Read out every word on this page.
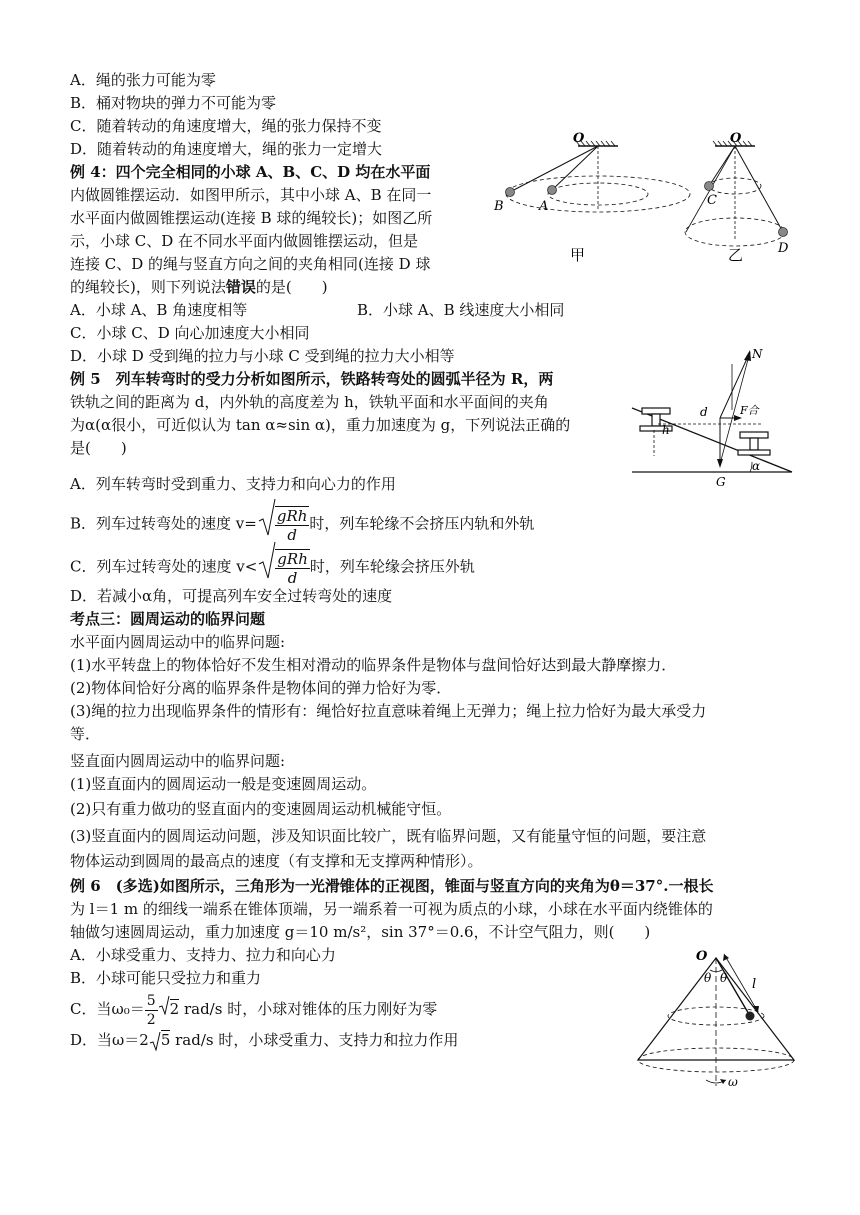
A．绳的张力可能为零
B．桶对物块的弹力不可能为零
C．随着转动的角速度增大，绳的张力保持不变
D．随着转动的角速度增大，绳的张力一定增大
例 4：四个完全相同的小球 A、B、C、D 均在水平面
内做圆锥摆运动．如图甲所示，其中小球 A、B 在同一
水平面内做圆锥摆运动(连接 B 球的绳较长)；如图乙所
示，小球 C、D 在不同水平面内做圆锥摆运动，但是
连接 C、D 的绳与竖直方向之间的夹角相同(连接 D 球
的绳较长)，则下列说法错误的是(　　)
A．小球 A、B 角速度相等	B．小球 A、B 线速度大小相同
C．小球 C、D 向心加速度大小相同
D．小球 D 受到绳的拉力与小球 C 受到绳的拉力大小相等
O
B	A
甲
O
C
D
乙
例 5　列车转弯时的受力分析如图所示，铁路转弯处的圆弧半径为 R，两
铁轨之间的距离为 d，内外轨的高度差为 h，铁轨平面和水平面间的夹角
为α(α很小，可近似认为 tan α≈sin α)，重力加速度为 g，下列说法正确的
是(　　)
α
h
d
N
F合
G
A．列车转弯时受到重力、支持力和向心力的作用
B．列车过转弯处的速度 $v= \frac{\text{gRh}}{d}$ 时，列车轮缘不会挤压内轨和外轨
C．列车过转弯处的速度 $v< \frac{\text{gRh}}{d}$ 时，列车轮缘会挤压外轨
D．若减小α角，可提高列车安全过转弯处的速度
考点三：圆周运动的临界问题
水平面内圆周运动中的临界问题:
(1)水平转盘上的物体恰好不发生相对滑动的临界条件是物体与盘间恰好达到最大静摩擦力．
(2)物体间恰好分离的临界条件是物体间的弹力恰好为零．
(3)绳的拉力出现临界条件的情形有：绳恰好拉直意味着绳上无弹力；绳上拉力恰好为最大承受力
等．
竖直面内圆周运动中的临界问题:
(1)竖直面内的圆周运动一般是变速圆周运动。
(2)只有重力做功的竖直面内的变速圆周运动机械能守恒。
(3)竖直面内的圆周运动问题，涉及知识面比较广，既有临界问题，又有能量守恒的问题，要注意
物体运动到圆周的最高点的速度（有支撑和无支撑两种情形）。
例 6　(多选)如图所示，三角形为一光滑锥体的正视图，锥面与竖直方向的夹角为θ＝37°.一根长
为 l＝1 m 的细线一端系在锥体顶端，另一端系着一可视为质点的小球，小球在水平面内绕锥体的
轴做匀速圆周运动，重力加速度 g＝10 m/s²，sin 37°＝0.6，不计空气阻力，则(　　)
A．小球受重力、支持力、拉力和向心力
B．小球可能只受拉力和重力
C．当$\omega_0= \frac{5}{2} 2$ rad/s 时，小球对锥体的压力刚好为零
D．当ω＝2 5 rad/s 时，小球受重力、支持力和拉力作用
O
θ θ l
ω
